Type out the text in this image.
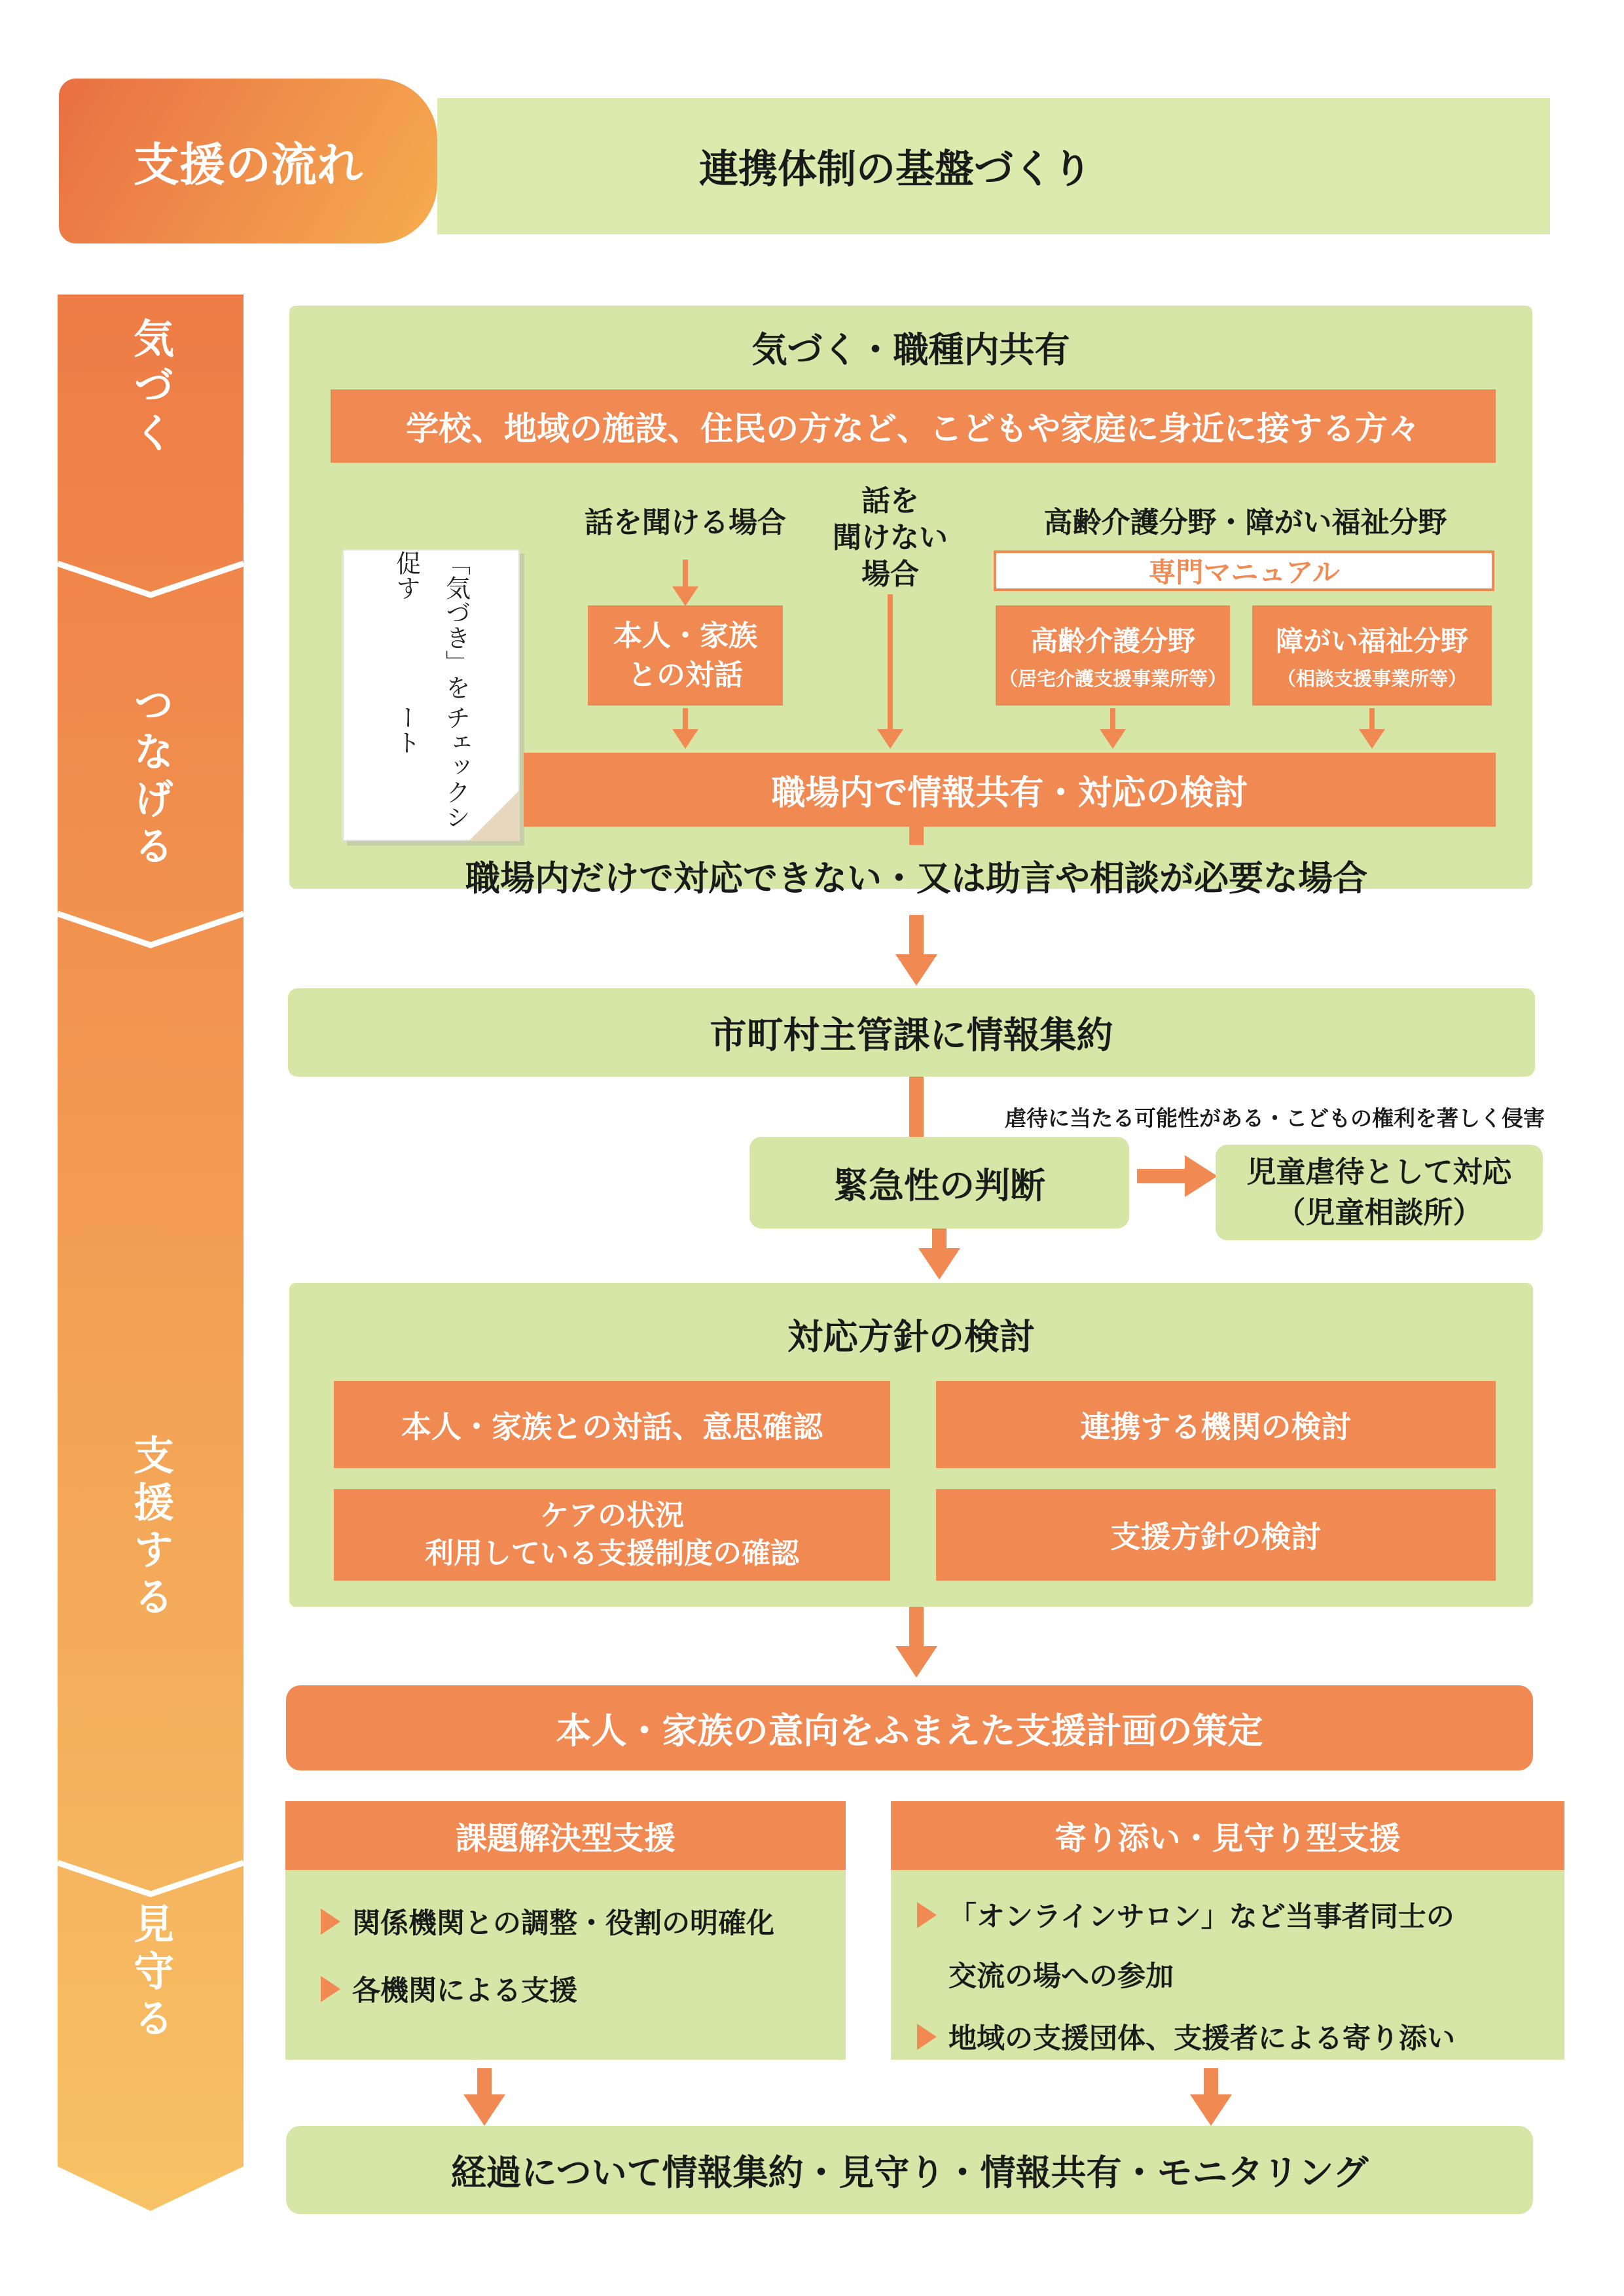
支援の流れ	連携体制の基盤づくり
気づく
つなげる
支援する
見守る
気づく・職種内共有
学校、地域の施設、住民の方など、こどもや家庭に身近に接する方々
「気づき」を促す

チェックシート
話を聞ける場合
話を
聞けない
場合
高齢介護分野・障がい福祉分野
専門マニュアル
本人・家族
との対話
高齢介護分野
（居宅介護支援事業所等）
障がい福祉分野
（相談支援事業所等）
職場内で情報共有・対応の検討
職場内だけで対応できない・又は助言や相談が必要な場合
市町村主管課に情報集約
虐待に当たる可能性がある・こどもの権利を著しく侵害
緊急性の判断	児童虐待として対応
（児童相談所）
対応方針の検討
本人・家族との対話、意思確認	連携する機関の検討
ケアの状況
利用している支援制度の確認	支援方針の検討
本人・家族の意向をふまえた支援計画の策定
課題解決型支援
関係機関との調整・役割の明確化
各機関による支援
寄り添い・見守り型支援
「オンラインサロン」など当事者同士の
交流の場への参加
地域の支援団体、支援者による寄り添い
経過について情報集約・見守り・情報共有・モニタリング
